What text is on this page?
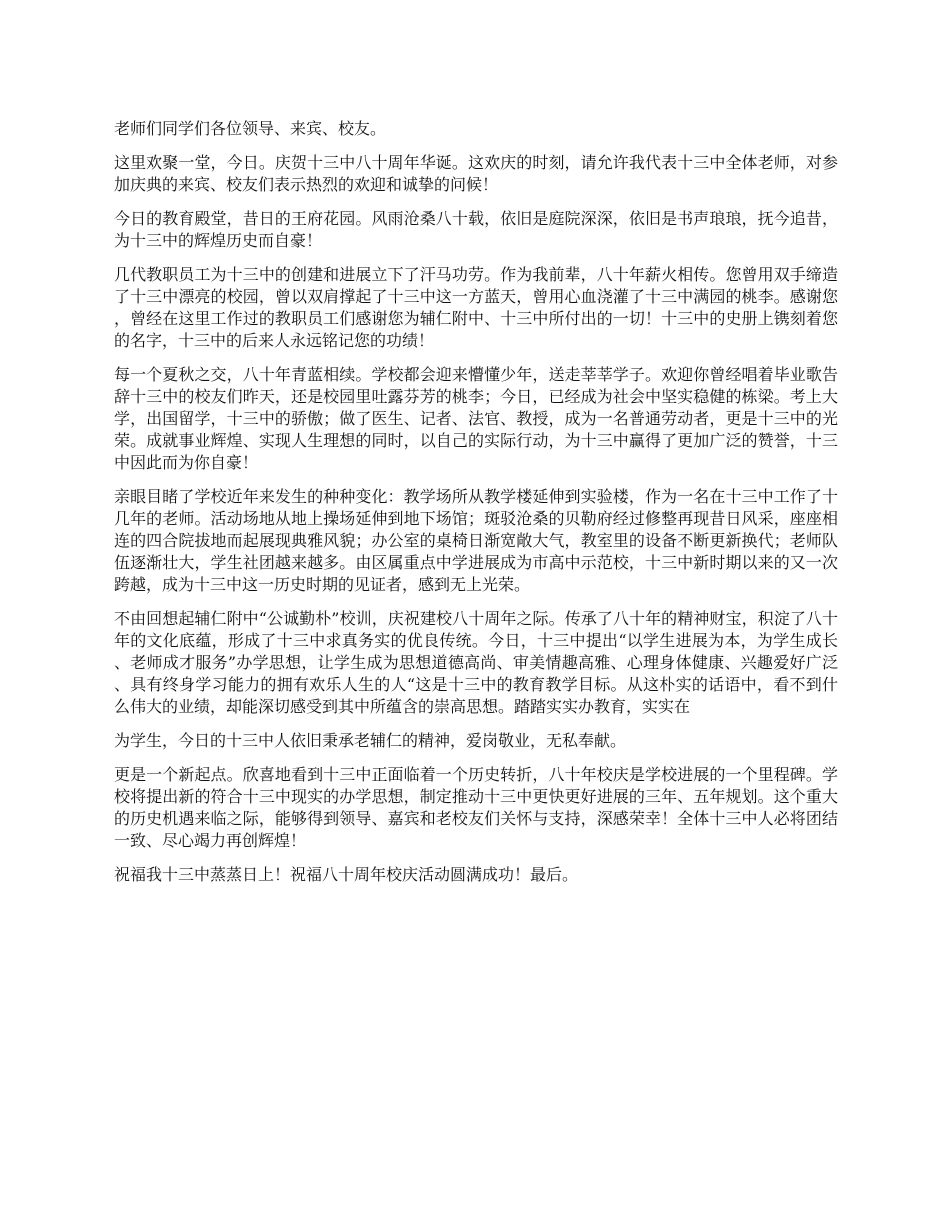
老师们同学们各位领导、来宾、校友。

这里欢聚一堂，今日。庆贺十三中八十周年华诞。这欢庆的时刻，请允许我代表十三中全体老师，对参加庆典的来宾、校友们表示热烈的欢迎和诚挚的问候！

今日的教育殿堂，昔日的王府花园。风雨沧桑八十载，依旧是庭院深深，依旧是书声琅琅，抚今追昔，为十三中的辉煌历史而自豪！

几代教职员工为十三中的创建和进展立下了汗马功劳。作为我前辈，八十年薪火相传。您曾用双手缔造了十三中漂亮的校园，曾以双肩撑起了十三中这一方蓝天，曾用心血浇灌了十三中满园的桃李。感谢您，曾经在这里工作过的教职员工们感谢您为辅仁附中、十三中所付出的一切！十三中的史册上镌刻着您的名字，十三中的后来人永远铭记您的功绩！

每一个夏秋之交，八十年青蓝相续。学校都会迎来懵懂少年，送走莘莘学子。欢迎你曾经唱着毕业歌告辞十三中的校友们昨天，还是校园里吐露芬芳的桃李；今日，已经成为社会中坚实稳健的栋梁。考上大学，出国留学，十三中的骄傲；做了医生、记者、法官、教授，成为一名普通劳动者，更是十三中的光荣。成就事业辉煌、实现人生理想的同时，以自己的实际行动，为十三中赢得了更加广泛的赞誉，十三中因此而为你自豪！

亲眼目睹了学校近年来发生的种种变化：教学场所从教学楼延伸到实验楼，作为一名在十三中工作了十几年的老师。活动场地从地上操场延伸到地下场馆；斑驳沧桑的贝勒府经过修整再现昔日风采，座座相连的四合院拔地而起展现典雅风貌；办公室的桌椅日渐宽敞大气，教室里的设备不断更新换代；老师队伍逐渐壮大，学生社团越来越多。由区属重点中学进展成为市高中示范校，十三中新时期以来的又一次跨越，成为十三中这一历史时期的见证者，感到无上光荣。

不由回想起辅仁附中“公诚勤朴”校训，庆祝建校八十周年之际。传承了八十年的精神财宝，积淀了八十年的文化底蕴，形成了十三中求真务实的优良传统。今日，十三中提出“以学生进展为本，为学生成长、老师成才服务”办学思想，让学生成为思想道德高尚、审美情趣高雅、心理身体健康、兴趣爱好广泛、具有终身学习能力的拥有欢乐人生的人“这是十三中的教育教学目标。从这朴实的话语中，看不到什么伟大的业绩，却能深切感受到其中所蕴含的崇高思想。踏踏实实办教育，实实在

为学生，今日的十三中人依旧秉承老辅仁的精神，爱岗敬业，无私奉献。

更是一个新起点。欣喜地看到十三中正面临着一个历史转折，八十年校庆是学校进展的一个里程碑。学校将提出新的符合十三中现实的办学思想，制定推动十三中更快更好进展的三年、五年规划。这个重大的历史机遇来临之际，能够得到领导、嘉宾和老校友们关怀与支持，深感荣幸！全体十三中人必将团结一致、尽心竭力再创辉煌！

祝福我十三中蒸蒸日上！祝福八十周年校庆活动圆满成功！最后。
